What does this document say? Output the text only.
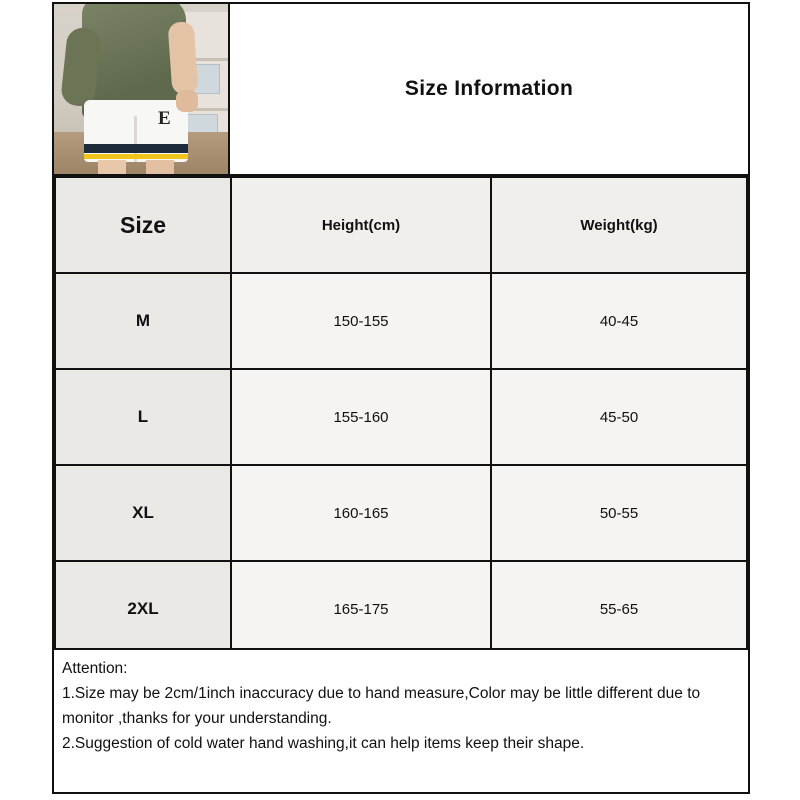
E
Size Information
Size	Height(cm)	Weight(kg)
M	150-155	40-45
L	155-160	45-50
XL	160-165	50-55
2XL	165-175	55-65

Attention:

1.Size may be 2cm/1inch inaccuracy due to hand measure,Color may be little different due to monitor ,thanks for your understanding.

2.Suggestion of cold water hand washing,it can help items keep their shape.
